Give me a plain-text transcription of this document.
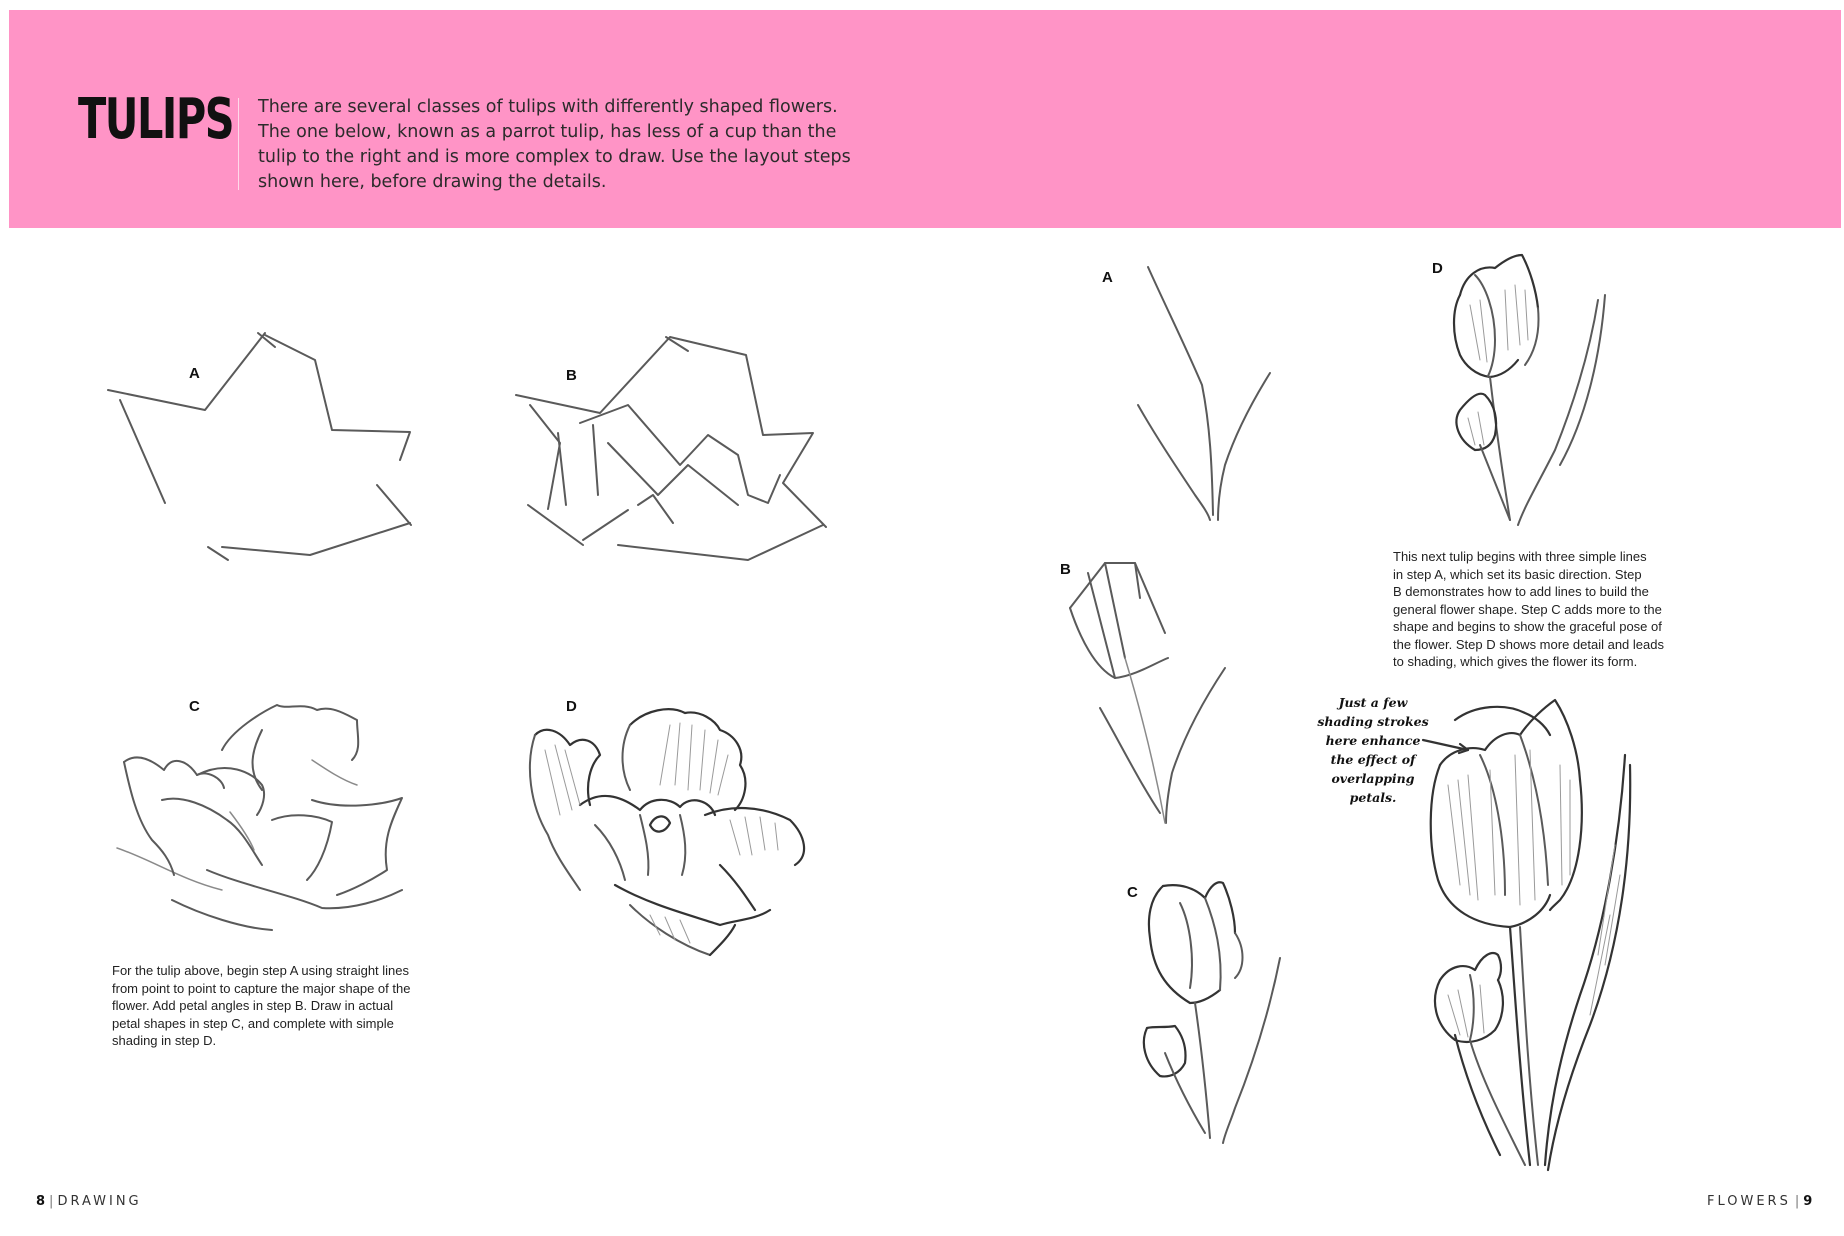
TULIPS There are several classes of tulips with differently shaped flowers.
The one below, known as a parrot tulip, has less of a cup than the
tulip to the right and is more complex to draw. Use the layout steps
shown here, before drawing the details.

A	B
C	D

For the tulip above, begin step A using straight lines
from point to point to capture the major shape of the
flower. Add petal angles in step B. Draw in actual
petal shapes in step C, and complete with simple
shading in step D.

A
B
C
D

This next tulip begins with three simple lines
in step A, which set its basic direction. Step
B demonstrates how to add lines to build the
general flower shape. Step C adds more to the
shape and begins to show the graceful pose of
the flower. Step D shows more detail and leads
to shading, which gives the flower its form.

Just a few
shading strokes
here enhance
the effect of
overlapping
petals.

8 | DRAWING	FLOWERS | 9
